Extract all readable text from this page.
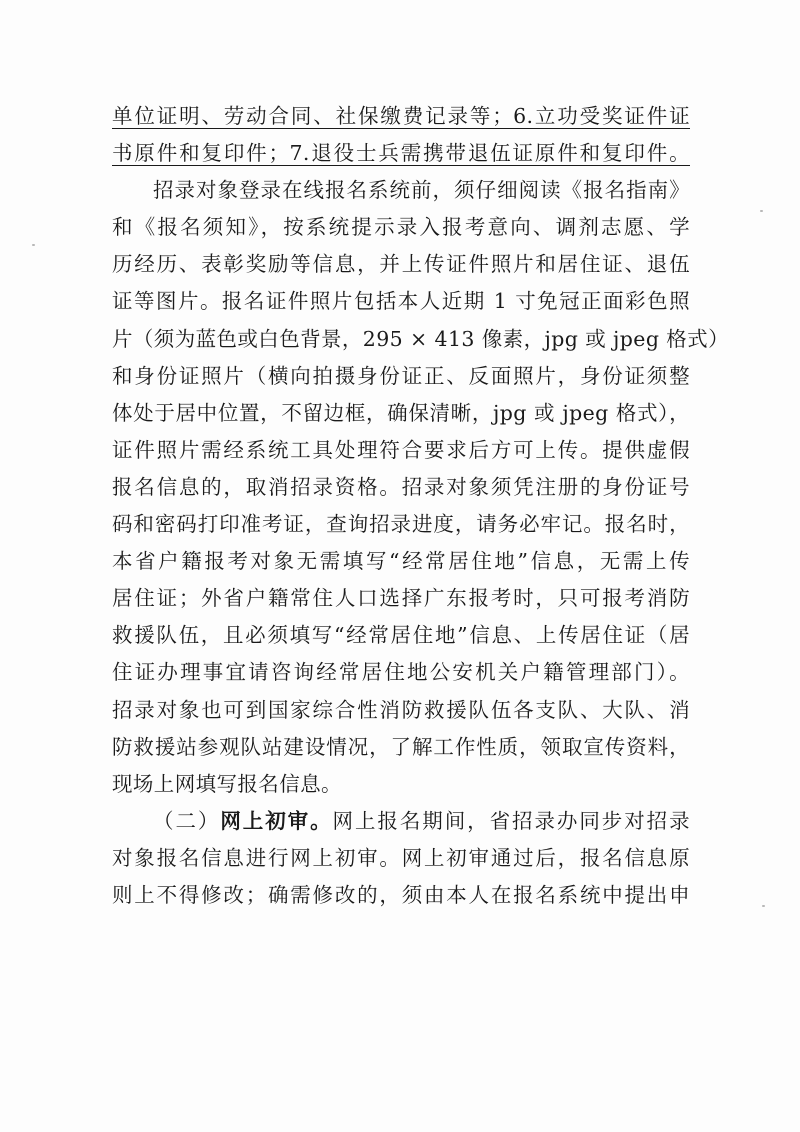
单位证明、劳动合同、社保缴费记录等；6.立功受奖证件证
书原件和复印件；7.退役士兵需携带退伍证原件和复印件。
招录对象登录在线报名系统前，须仔细阅读《报名指南》
和《报名须知》，按系统提示录入报考意向、调剂志愿、学
历经历、表彰奖励等信息，并上传证件照片和居住证、退伍
证等图片。报名证件照片包括本人近期 1 寸免冠正面彩色照
片（须为蓝色或白色背景，295 × 413 像素，jpg 或 jpeg 格式）
和身份证照片（横向拍摄身份证正、反面照片，身份证须整
体处于居中位置，不留边框，确保清晰，jpg 或 jpeg 格式），
证件照片需经系统工具处理符合要求后方可上传。提供虚假
报名信息的，取消招录资格。招录对象须凭注册的身份证号
码和密码打印准考证，查询招录进度，请务必牢记。报名时，
本省户籍报考对象无需填写“经常居住地”信息，无需上传
居住证；外省户籍常住人口选择广东报考时，只可报考消防
救援队伍，且必须填写“经常居住地”信息、上传居住证（居
住证办理事宜请咨询经常居住地公安机关户籍管理部门）。
招录对象也可到国家综合性消防救援队伍各支队、大队、消
防救援站参观队站建设情况，了解工作性质，领取宣传资料，
现场上网填写报名信息。
（二）网上初审。网上报名期间，省招录办同步对招录
对象报名信息进行网上初审。网上初审通过后，报名信息原
则上不得修改；确需修改的，须由本人在报名系统中提出申
